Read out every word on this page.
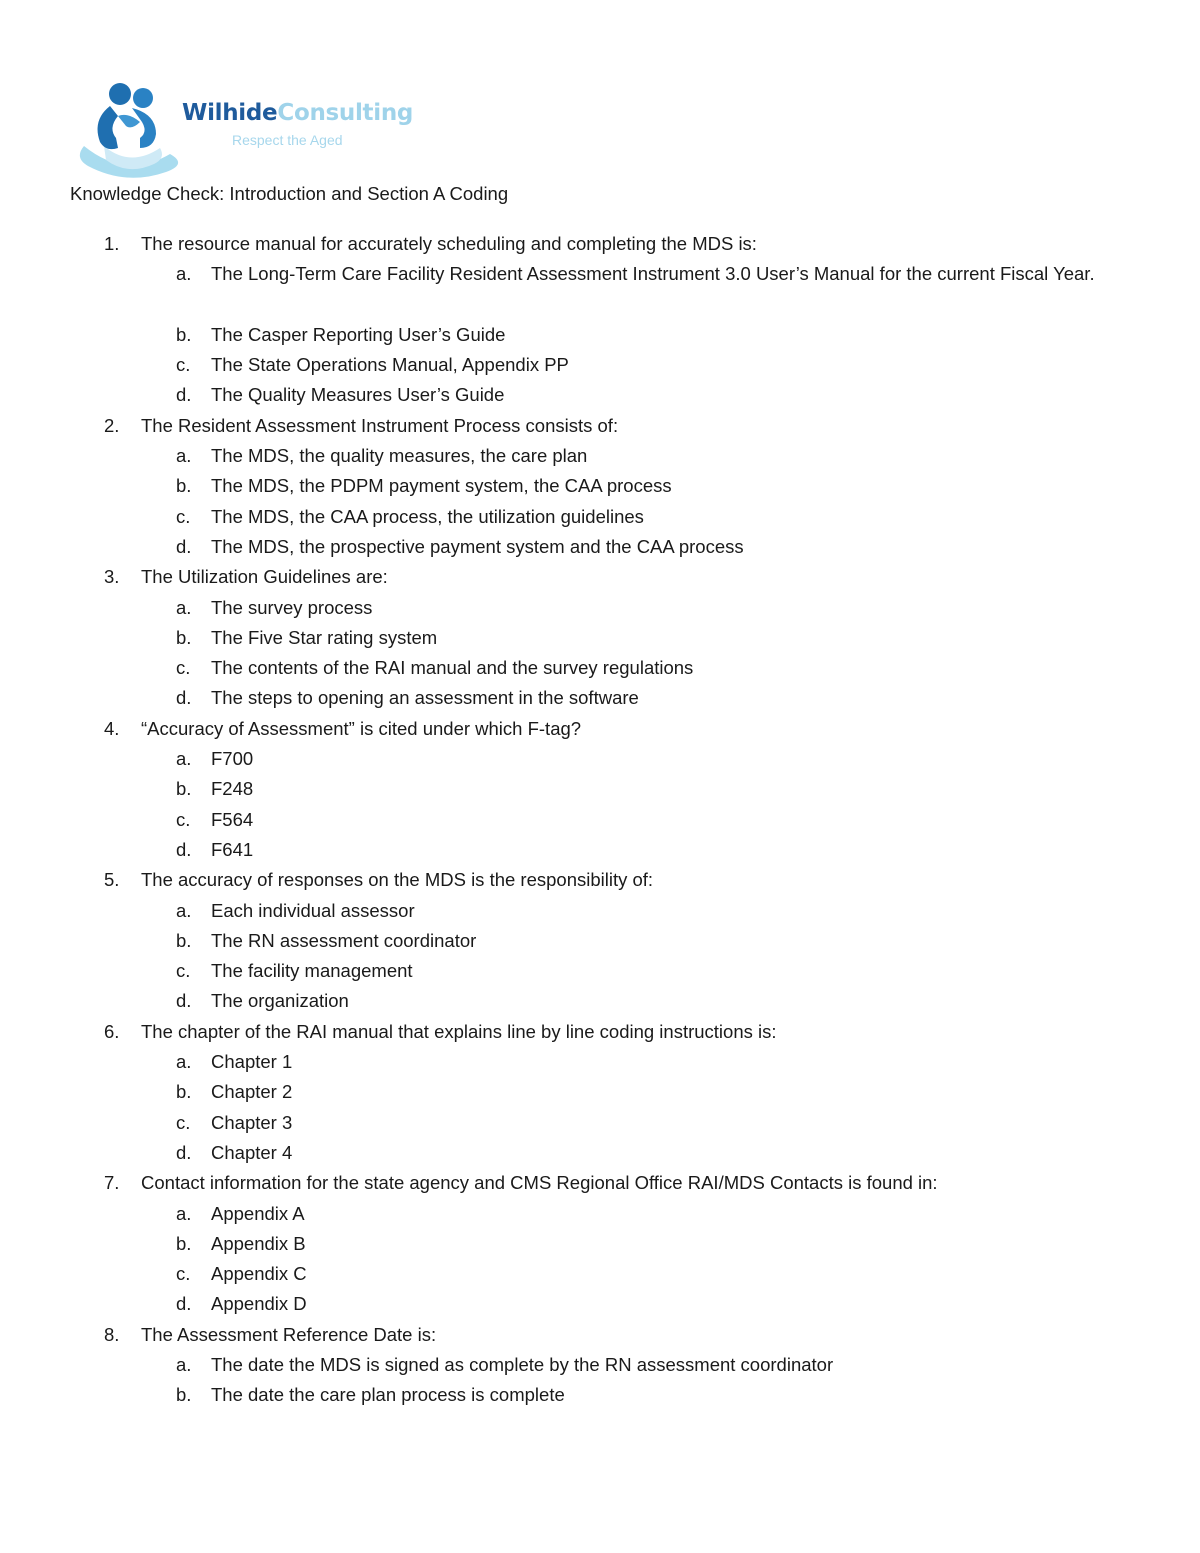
WilhideConsulting
Respect the Aged
Knowledge Check: Introduction and Section A Coding
1. The resource manual for accurately scheduling and completing the MDS is:
a. The Long-Term Care Facility Resident Assessment Instrument 3.0 User’s Manual for the current Fiscal Year.
b. The Casper Reporting User’s Guide
c. The State Operations Manual, Appendix PP
d. The Quality Measures User’s Guide
2. The Resident Assessment Instrument Process consists of:
a. The MDS, the quality measures, the care plan
b. The MDS, the PDPM payment system, the CAA process
c. The MDS, the CAA process, the utilization guidelines
d. The MDS, the prospective payment system and the CAA process
3. The Utilization Guidelines are:
a. The survey process
b. The Five Star rating system
c. The contents of the RAI manual and the survey regulations
d. The steps to opening an assessment in the software
4. “Accuracy of Assessment” is cited under which F-tag?
a. F700
b. F248
c. F564
d. F641
5. The accuracy of responses on the MDS is the responsibility of:
a. Each individual assessor
b. The RN assessment coordinator
c. The facility management
d. The organization
6. The chapter of the RAI manual that explains line by line coding instructions is:
a. Chapter 1
b. Chapter 2
c. Chapter 3
d. Chapter 4
7. Contact information for the state agency and CMS Regional Office RAI/MDS Contacts is found in:
a. Appendix A
b. Appendix B
c. Appendix C
d. Appendix D
8. The Assessment Reference Date is:
a. The date the MDS is signed as complete by the RN assessment coordinator
b. The date the care plan process is complete
